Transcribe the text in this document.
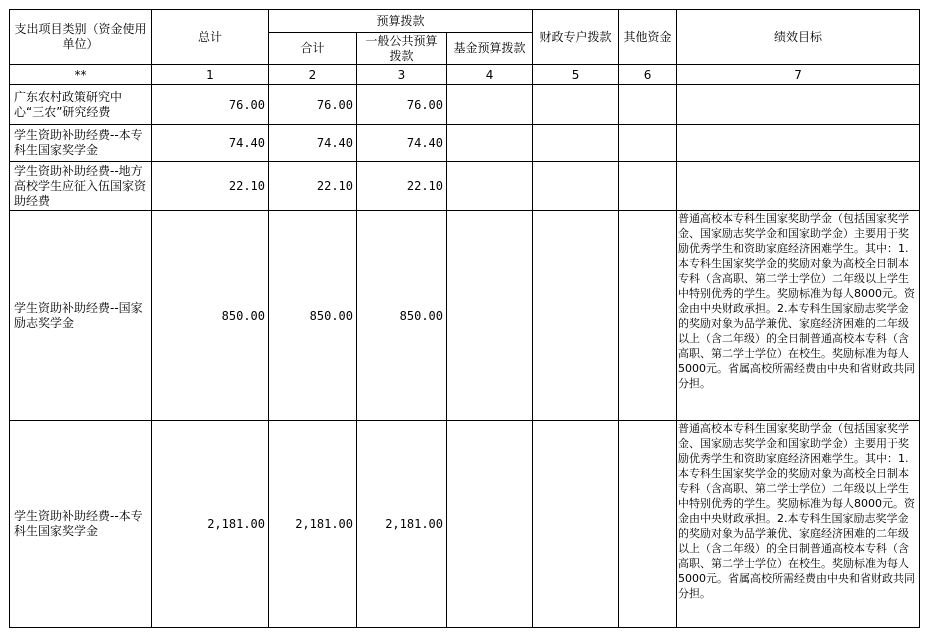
支出项目类别（资金使用单位）	总计	预算拨款			财政专户拨款	其他资金	绩效目标
		合计	一般公共预算拨款	基金预算拨款			
**	1	2	3	4	5	6	7
广东农村政策研究中心“三农”研究经费	76.00	76.00	76.00				
学生资助补助经费--本专科生国家奖学金	74.40	74.40	74.40				
学生资助补助经费--地方高校学生应征入伍国家资助经费	22.10	22.10	22.10				
学生资助补助经费--国家励志奖学金	850.00	850.00	850.00				普通高校本专科生国家奖助学金（包括国家奖学金、国家励志奖学金和国家助学金）主要用于奖励优秀学生和资助家庭经济困难学生。其中：1.本专科生国家奖学金的奖励对象为高校全日制本专科（含高职、第二学士学位）二年级以上学生中特别优秀的学生。奖励标准为每人8000元。资金由中央财政承担。2.本专科生国家励志奖学金的奖励对象为品学兼优、家庭经济困难的二年级以上（含二年级）的全日制普通高校本专科（含高职、第二学士学位）在校生。奖励标准为每人5000元。省属高校所需经费由中央和省财政共同分担。
学生资助补助经费--本专科生国家奖学金	2,181.00	2,181.00	2,181.00				普通高校本专科生国家奖助学金（包括国家奖学金、国家励志奖学金和国家助学金）主要用于奖励优秀学生和资助家庭经济困难学生。其中：1.本专科生国家奖学金的奖励对象为高校全日制本专科（含高职、第二学士学位）二年级以上学生中特别优秀的学生。奖励标准为每人8000元。资金由中央财政承担。2.本专科生国家励志奖学金的奖励对象为品学兼优、家庭经济困难的二年级以上（含二年级）的全日制普通高校本专科（含高职、第二学士学位）在校生。奖励标准为每人5000元。省属高校所需经费由中央和省财政共同分担。
